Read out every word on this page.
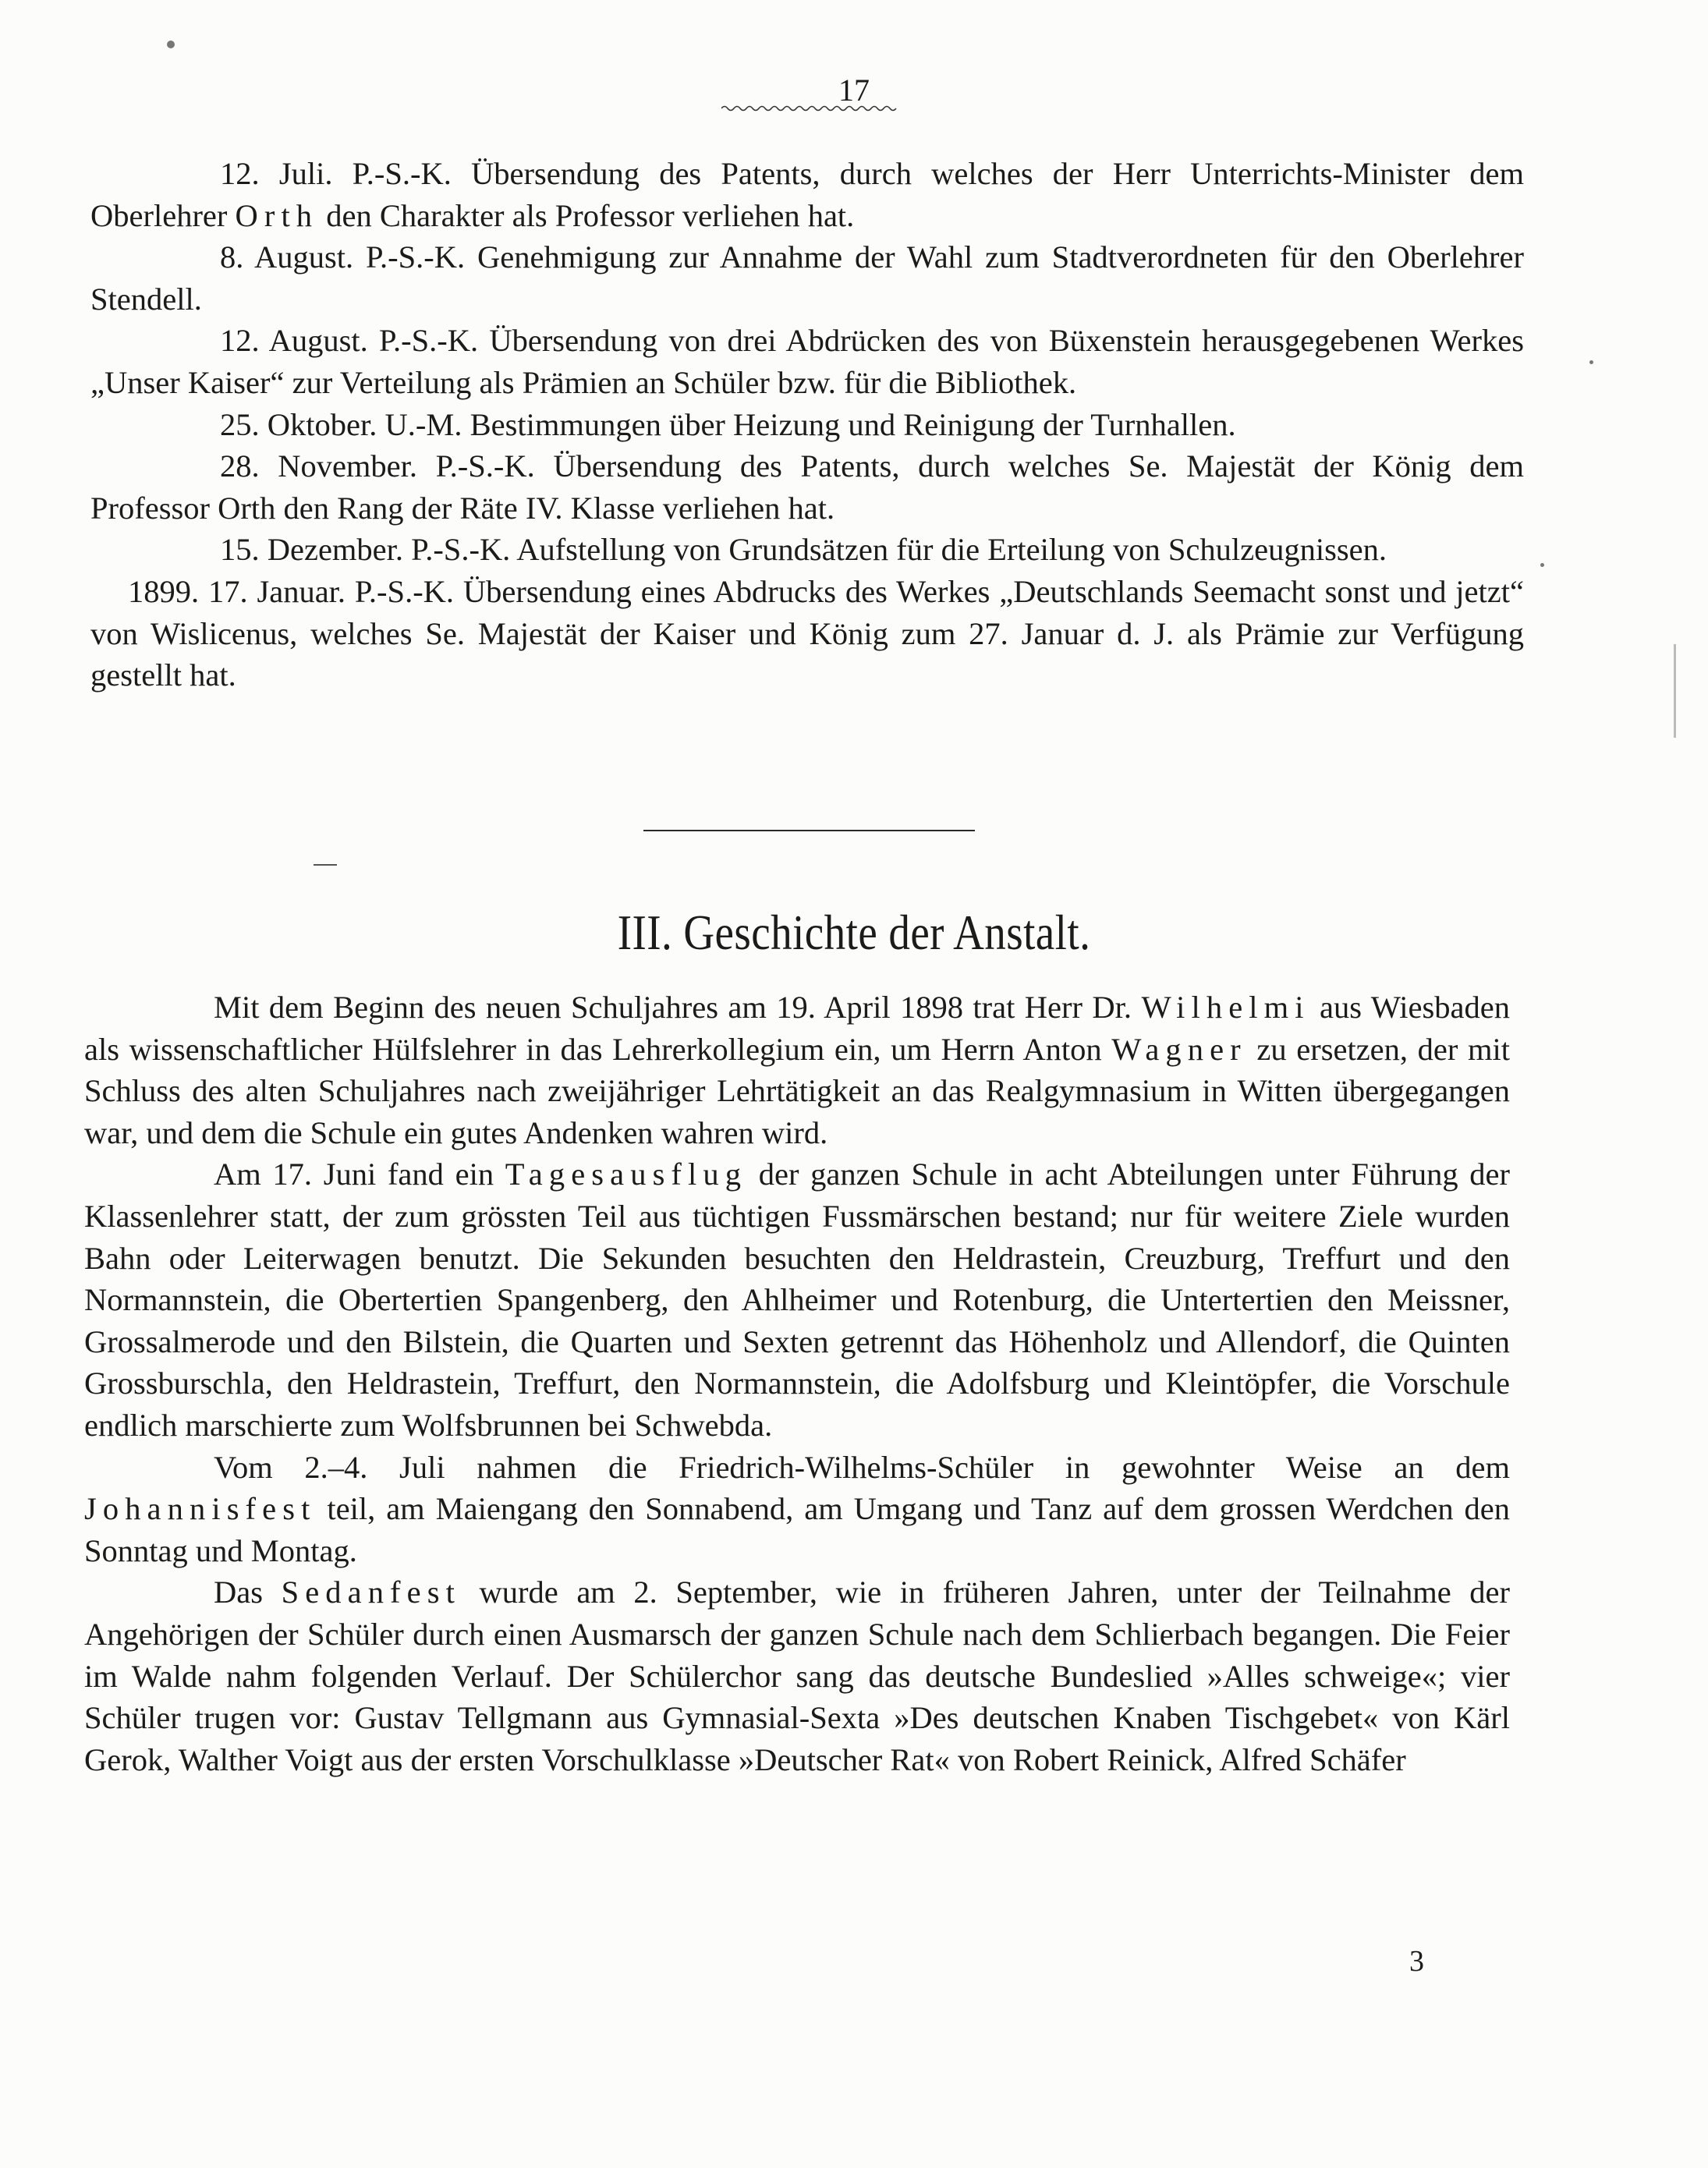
17

12. Juli. P.-S.-K. Übersendung des Patents, durch welches der Herr Unterrichts-Minister dem Oberlehrer Orth den Charakter als Professor verliehen hat.

8. August. P.-S.-K. Genehmigung zur Annahme der Wahl zum Stadtverordneten für den Oberlehrer Stendell.

12. August. P.-S.-K. Übersendung von drei Abdrücken des von Büxenstein herausgegebenen Werkes „Unser Kaiser“ zur Verteilung als Prämien an Schüler bzw. für die Bibliothek.

25. Oktober. U.-M. Bestimmungen über Heizung und Reinigung der Turnhallen.

28. November. P.-S.-K. Übersendung des Patents, durch welches Se. Majestät der König dem Professor Orth den Rang der Räte IV. Klasse verliehen hat.

15. Dezember. P.-S.-K. Aufstellung von Grundsätzen für die Erteilung von Schulzeugnissen.

1899. 17. Januar. P.-S.-K. Übersendung eines Abdrucks des Werkes „Deutschlands Seemacht sonst und jetzt“ von Wislicenus, welches Se. Majestät der Kaiser und König zum 27. Januar d. J. als Prämie zur Verfügung gestellt hat.

III. Geschichte der Anstalt.

Mit dem Beginn des neuen Schuljahres am 19. April 1898 trat Herr Dr. Wilhelmi aus Wiesbaden als wissenschaftlicher Hülfslehrer in das Lehrerkollegium ein, um Herrn Anton Wagner zu ersetzen, der mit Schluss des alten Schuljahres nach zweijähriger Lehrtätigkeit an das Realgymnasium in Witten übergegangen war, und dem die Schule ein gutes Andenken wahren wird.

Am 17. Juni fand ein Tagesausflug der ganzen Schule in acht Abteilungen unter Führung der Klassenlehrer statt, der zum grössten Teil aus tüchtigen Fussmärschen bestand; nur für weitere Ziele wurden Bahn oder Leiterwagen benutzt. Die Sekunden besuchten den Heldrastein, Creuzburg, Treffurt und den Normannstein, die Obertertien Spangenberg, den Ahlheimer und Rotenburg, die Untertertien den Meissner, Grossalmerode und den Bilstein, die Quarten und Sexten getrennt das Höhenholz und Allendorf, die Quinten Grossburschla, den Heldrastein, Treffurt, den Normannstein, die Adolfsburg und Kleintöpfer, die Vorschule endlich marschierte zum Wolfsbrunnen bei Schwebda.

Vom 2.–4. Juli nahmen die Friedrich-Wilhelms-Schüler in gewohnter Weise an dem Johannisfest teil, am Maiengang den Sonnabend, am Umgang und Tanz auf dem grossen Werdchen den Sonntag und Montag.

Das Sedanfest wurde am 2. September, wie in früheren Jahren, unter der Teilnahme der Angehörigen der Schüler durch einen Ausmarsch der ganzen Schule nach dem Schlierbach begangen. Die Feier im Walde nahm folgenden Verlauf. Der Schülerchor sang das deutsche Bundeslied »Alles schweige«; vier Schüler trugen vor: Gustav Tellgmann aus Gymnasial-Sexta »Des deutschen Knaben Tischgebet« von Kärl Gerok, Walther Voigt aus der ersten Vorschulklasse »Deutscher Rat« von Robert Reinick, Alfred Schäfer

3
